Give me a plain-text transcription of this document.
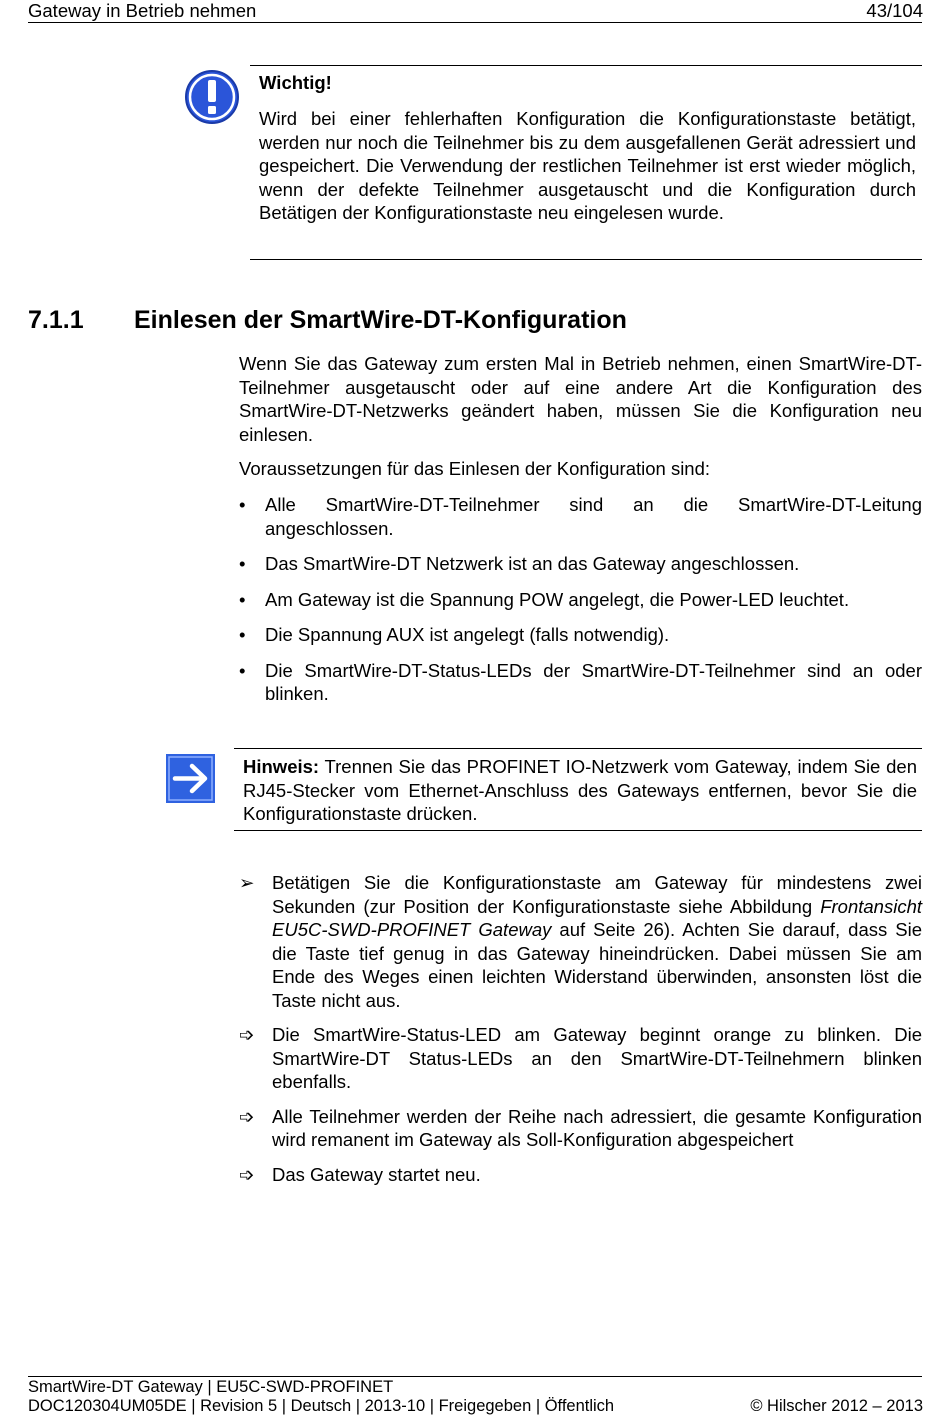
Gateway in Betrieb nehmen	43/104
Wichtig!
Wird bei einer fehlerhaften Konfiguration die Konfigurationstaste betätigt, werden nur noch die Teilnehmer bis zu dem ausgefallenen Gerät adressiert und gespeichert. Die Verwendung der restlichen Teilnehmer ist erst wieder möglich, wenn der defekte Teilnehmer ausgetauscht und die Konfiguration durch Betätigen der Konfigurationstaste neu eingelesen wurde.
7.1.1 Einlesen der SmartWire-DT-Konfiguration
Wenn Sie das Gateway zum ersten Mal in Betrieb nehmen, einen SmartWire-DT-Teilnehmer ausgetauscht oder auf eine andere Art die Konfiguration des SmartWire-DT-Netzwerks geändert haben, müssen Sie die Konfiguration neu einlesen.
Voraussetzungen für das Einlesen der Konfiguration sind:
• Alle SmartWire-DT-Teilnehmer sind an die SmartWire-DT-Leitung angeschlossen.
• Das SmartWire-DT Netzwerk ist an das Gateway angeschlossen.
• Am Gateway ist die Spannung POW angelegt, die Power-LED leuchtet.
• Die Spannung AUX ist angelegt (falls notwendig).
• Die SmartWire-DT-Status-LEDs der SmartWire-DT-Teilnehmer sind an oder blinken.
Hinweis: Trennen Sie das PROFINET IO-Netzwerk vom Gateway, indem Sie den RJ45-Stecker vom Ethernet-Anschluss des Gateways entfernen, bevor Sie die Konfigurationstaste drücken.
➢ Betätigen Sie die Konfigurationstaste am Gateway für mindestens zwei Sekunden (zur Position der Konfigurationstaste siehe Abbildung Frontansicht EU5C-SWD-PROFINET Gateway auf Seite 26). Achten Sie darauf, dass Sie die Taste tief genug in das Gateway hineindrücken. Dabei müssen Sie am Ende des Weges einen leichten Widerstand überwinden, ansonsten löst die Taste nicht aus.
➩ Die SmartWire-Status-LED am Gateway beginnt orange zu blinken. Die SmartWire-DT Status-LEDs an den SmartWire-DT-Teilnehmern blinken ebenfalls.
➩ Alle Teilnehmer werden der Reihe nach adressiert, die gesamte Konfiguration wird remanent im Gateway als Soll-Konfiguration abgespeichert
➩ Das Gateway startet neu.
SmartWire-DT Gateway | EU5C-SWD-PROFINET
DOC120304UM05DE | Revision 5 | Deutsch | 2013-10 | Freigegeben | Öffentlich	© Hilscher 2012 – 2013
